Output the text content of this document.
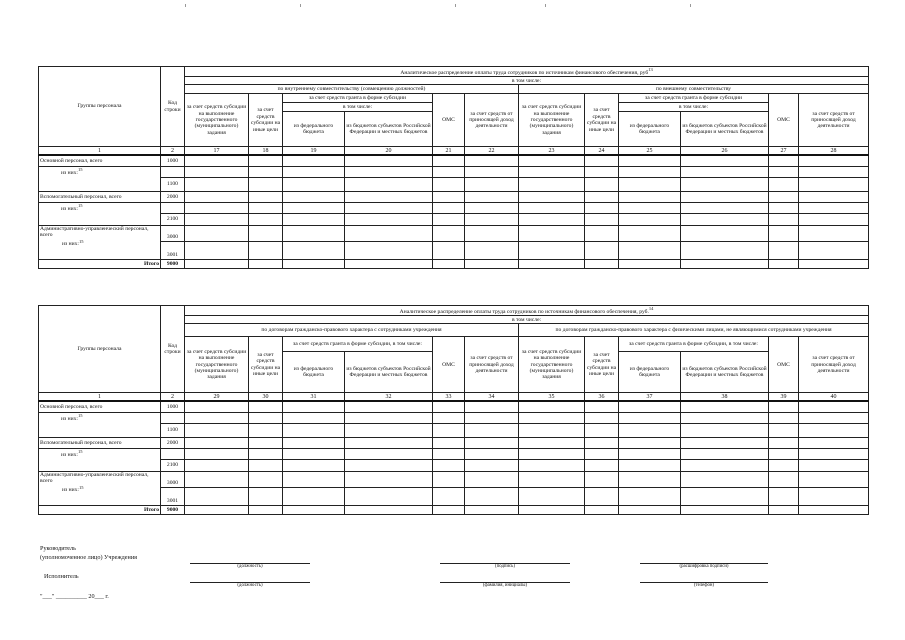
Группы персонала	Код строки	Аналитическое распределение оплаты труда сотрудников по источникам финансового обеспечения, руб$^{13}$
		в том числе:											
		по внутреннему совместительству (совмещению должностей)						по внешнему совместительству					
		за счет средств субсидии на выполнение государственного (муниципального) задания	за счет средств субсидии на иные цели	за счет средств гранта в форме субсидии		ОМС	за счет средств от приносящей доход деятельности	за счет средств субсидии на выполнение государственного (муниципального) задания	за счет средств субсидии на иные цели	за счет средств гранта в форме субсидии		ОМС	за счет средств от приносящей доход деятельности
				в том числе:						в том числе:			
				из федерального бюджета	из бюджетов субъектов Российской Федерации и местных бюджетов					из федерального бюджета	из бюджетов субъектов Российской Федерации и местных бюджетов		
1	2	17	18	19	20	21	22	23	24	25	26	27	28
Основной персонал, всего	1000												
из них:$^{15}$													
	1100												
Вспомогательный персонал, всего	2000												
из них:$^{15}$													
	2100												
Административно-управленческий персонал, всего
из них:$^{15}$	3000												
	3001												
Итого	9000												
Группы персонала	Код строки	Аналитическое распределение оплаты труда сотрудников по источникам финансового обеспечения, руб.$^{14}$
		в том числе:											
		по договорам гражданско-правового характера с сотрудниками учреждения						по договорам гражданско-правового характера с физическими лицами, не являющимися сотрудниками учреждения					
		за счет средств субсидии на выполнение государственного (муниципального) задания	за счет средств субсидии на иные цели	за счет средств гранта в форме субсидии, в том числе:		ОМС	за счет средств от приносящей доход деятельности	за счет средств субсидии на выполнение государственного (муниципального) задания	за счет средств субсидии на иные цели	за счет средств гранта в форме субсидии, в том числе:		ОМС	за счет средств от приносящей доход деятельности
				из федерального бюджета	из бюджетов субъектов Российской Федерации и местных бюджетов					из федерального бюджета	из бюджетов субъектов Российской Федерации и местных бюджетов		
1	2	29	30	31	32	33	34	35	36	37	38	39	40
Основной персонал, всего	1000												
из них:$^{15}$													
	1100												
Вспомогательный персонал, всего	2000												
из них:$^{15}$													
	2100												
Административно-управленческий персонал, всего
из них:$^{15}$	3000												
	3001												
Итого	9000												
Руководитель
(уполномоченное лицо) Учреждения
(должность)	(подпись)	(расшифровка подписи)
Исполнитель
(должность)	(фамилия, инициалы)	(телефон)
"___" __________ 20___ г.
